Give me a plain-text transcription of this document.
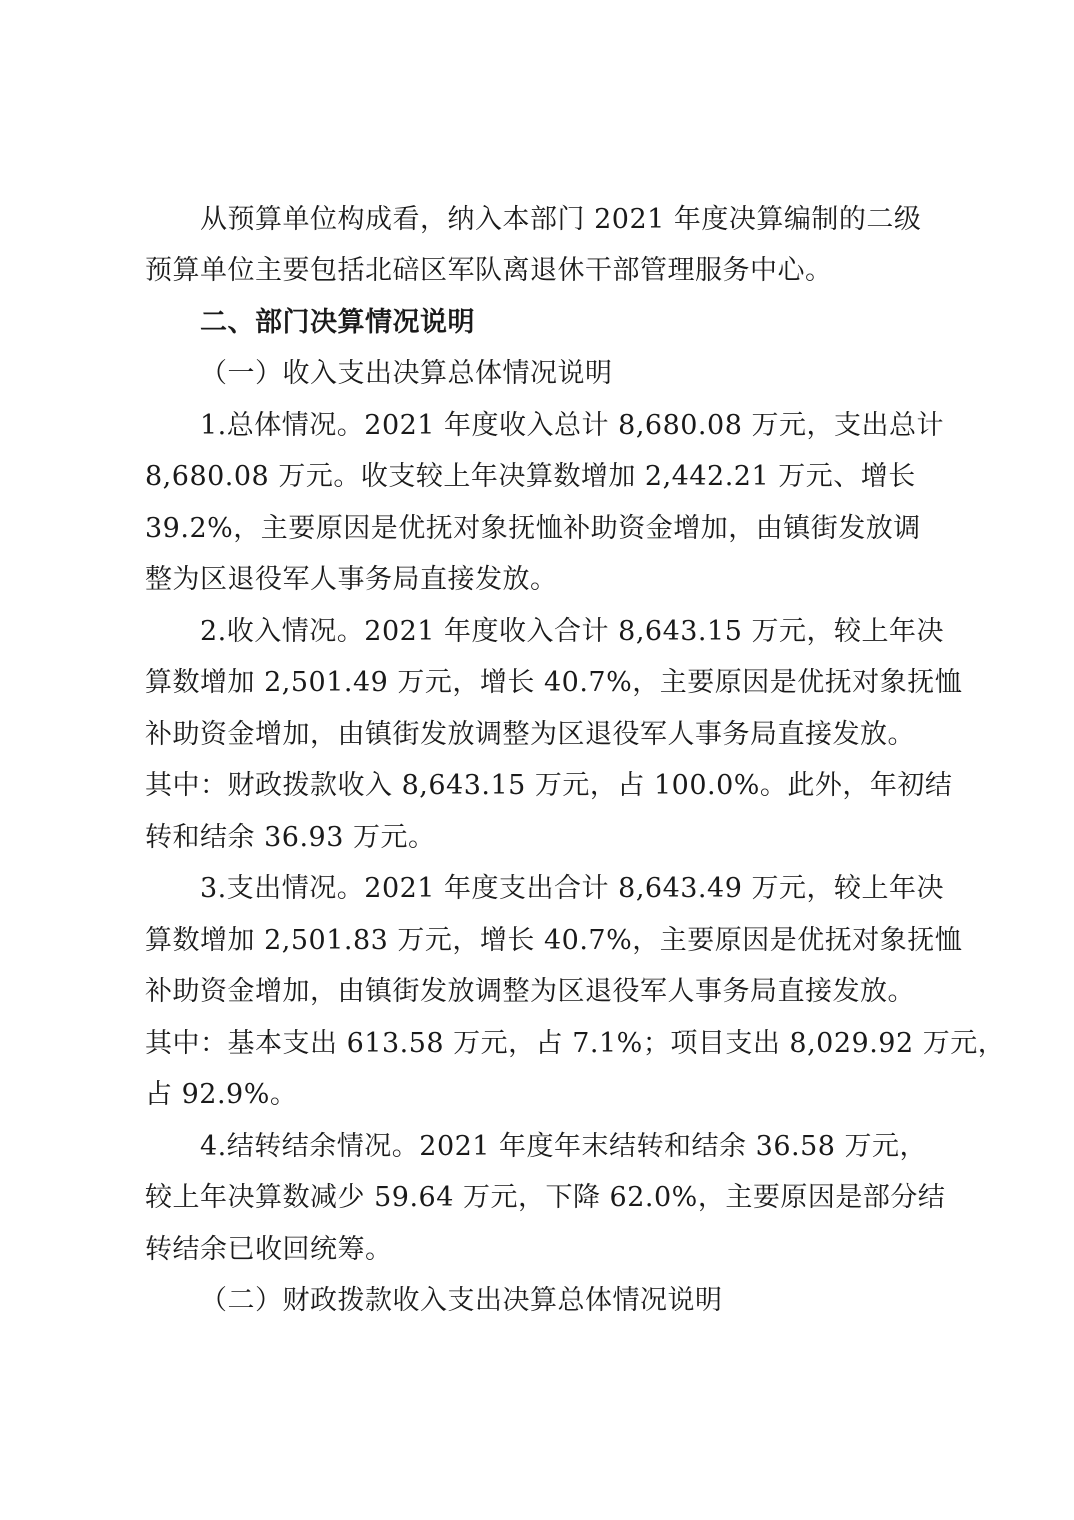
从预算单位构成看，纳入本部门 2021 年度决算编制的二级
预算单位主要包括北碚区军队离退休干部管理服务中心。
二、部门决算情况说明
（一）收入支出决算总体情况说明
1.总体情况。2021 年度收入总计 8,680.08 万元，支出总计
8,680.08 万元。收支较上年决算数增加 2,442.21 万元、增长
39.2%，主要原因是优抚对象抚恤补助资金增加，由镇街发放调
整为区退役军人事务局直接发放。
2.收入情况。2021 年度收入合计 8,643.15 万元，较上年决
算数增加 2,501.49 万元，增长 40.7%，主要原因是优抚对象抚恤
补助资金增加，由镇街发放调整为区退役军人事务局直接发放。
其中：财政拨款收入 8,643.15 万元，占 100.0%。此外，年初结
转和结余 36.93 万元。
3.支出情况。2021 年度支出合计 8,643.49 万元，较上年决
算数增加 2,501.83 万元，增长 40.7%，主要原因是优抚对象抚恤
补助资金增加，由镇街发放调整为区退役军人事务局直接发放。
其中：基本支出 613.58 万元，占 7.1%；项目支出 8,029.92 万元，
占 92.9%。
4.结转结余情况。2021 年度年末结转和结余 36.58 万元，
较上年决算数减少 59.64 万元，下降 62.0%，主要原因是部分结
转结余已收回统筹。
（二）财政拨款收入支出决算总体情况说明
